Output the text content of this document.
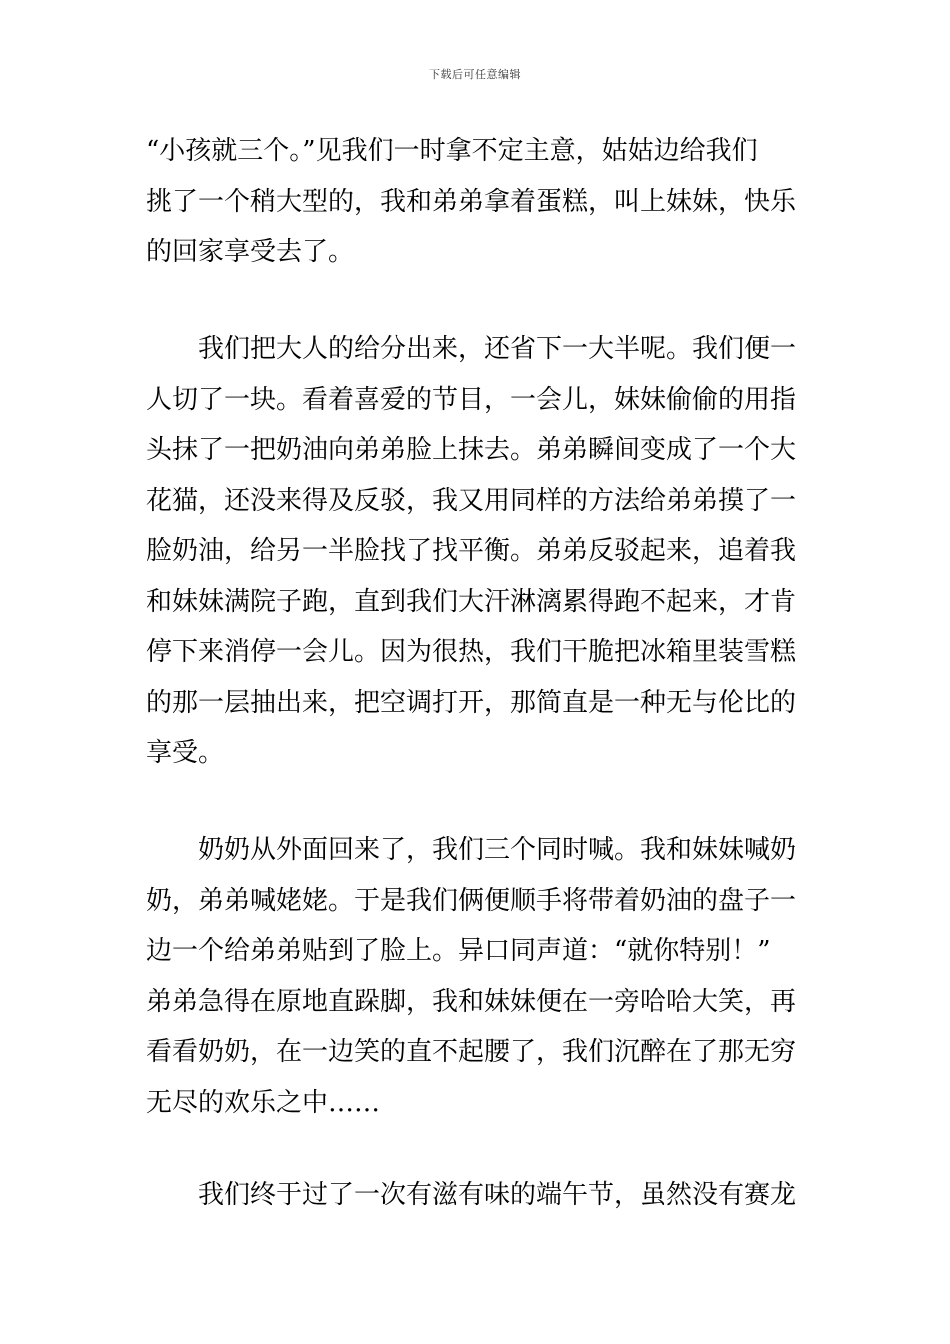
下载后可任意编辑
“小孩就三个。”见我们一时拿不定主意，姑姑边给我们
挑了一个稍大型的，我和弟弟拿着蛋糕，叫上妹妹，快乐
的回家享受去了。
我们把大人的给分出来，还省下一大半呢。我们便一
人切了一块。看着喜爱的节目，一会儿，妹妹偷偷的用指
头抹了一把奶油向弟弟脸上抹去。弟弟瞬间变成了一个大
花猫，还没来得及反驳，我又用同样的方法给弟弟摸了一
脸奶油，给另一半脸找了找平衡。弟弟反驳起来，追着我
和妹妹满院子跑，直到我们大汗淋漓累得跑不起来，才肯
停下来消停一会儿。因为很热，我们干脆把冰箱里装雪糕
的那一层抽出来，把空调打开，那简直是一种无与伦比的
享受。
奶奶从外面回来了，我们三个同时喊。我和妹妹喊奶
奶，弟弟喊姥姥。于是我们俩便顺手将带着奶油的盘子一
边一个给弟弟贴到了脸上。异口同声道：“就你特别！”
弟弟急得在原地直跺脚，我和妹妹便在一旁哈哈大笑，再
看看奶奶，在一边笑的直不起腰了，我们沉醉在了那无穷
无尽的欢乐之中……
我们终于过了一次有滋有味的端午节，虽然没有赛龙
